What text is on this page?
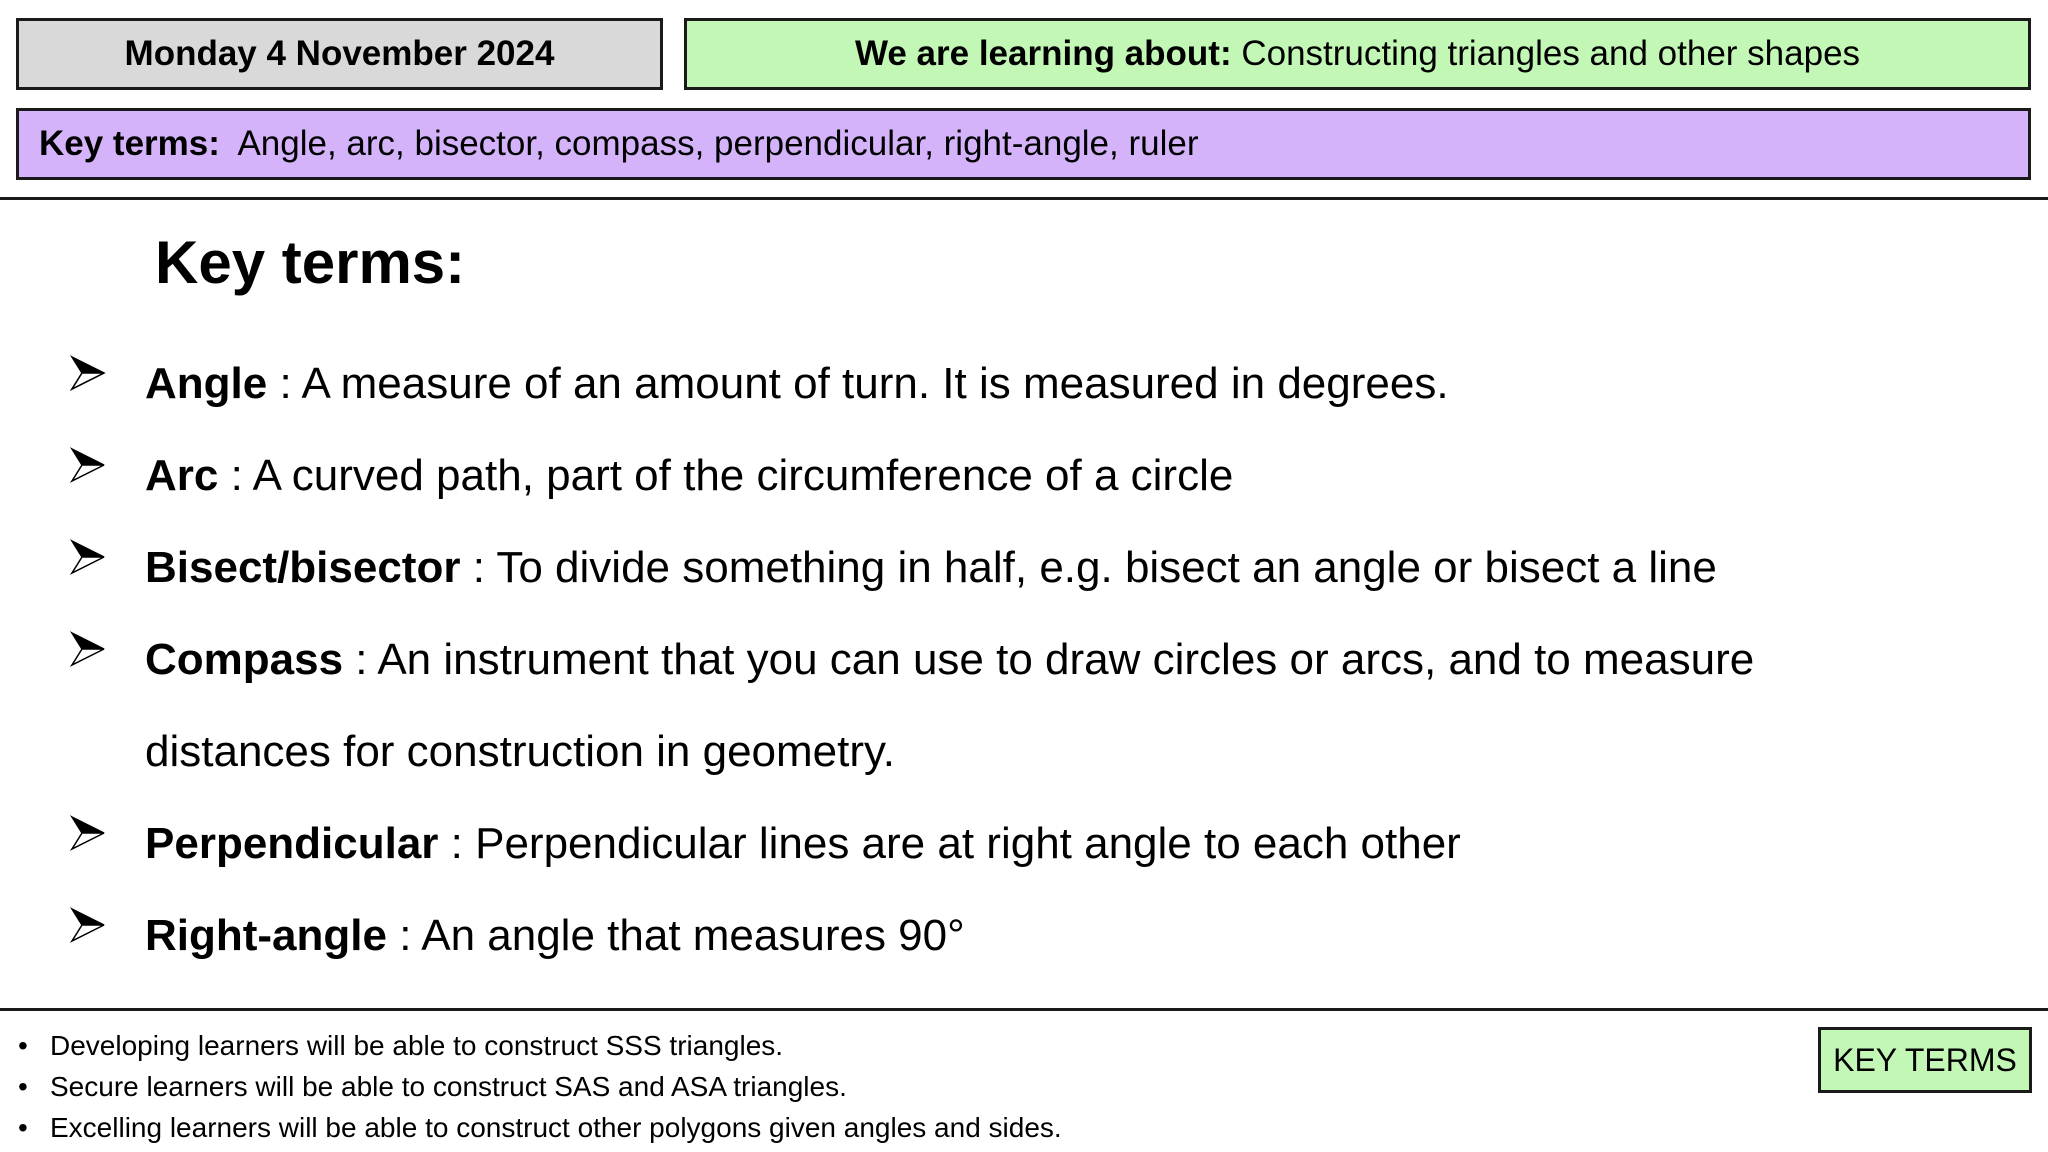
Monday 4 November 2024	We are learning about: Constructing triangles and other shapes
Key terms: Angle, arc, bisector, compass, perpendicular, right-angle, ruler
Key terms:
Angle : A measure of an amount of turn. It is measured in degrees.
Arc : A curved path, part of the circumference of a circle
Bisect/bisector : To divide something in half, e.g. bisect an angle or bisect a line
Compass : An instrument that you can use to draw circles or arcs, and to measure
distances for construction in geometry.
Perpendicular : Perpendicular lines are at right angle to each other
Right-angle : An angle that measures 90°
• Developing learners will be able to construct SSS triangles.
• Secure learners will be able to construct SAS and ASA triangles.
• Excelling learners will be able to construct other polygons given angles and sides.
KEY TERMS
